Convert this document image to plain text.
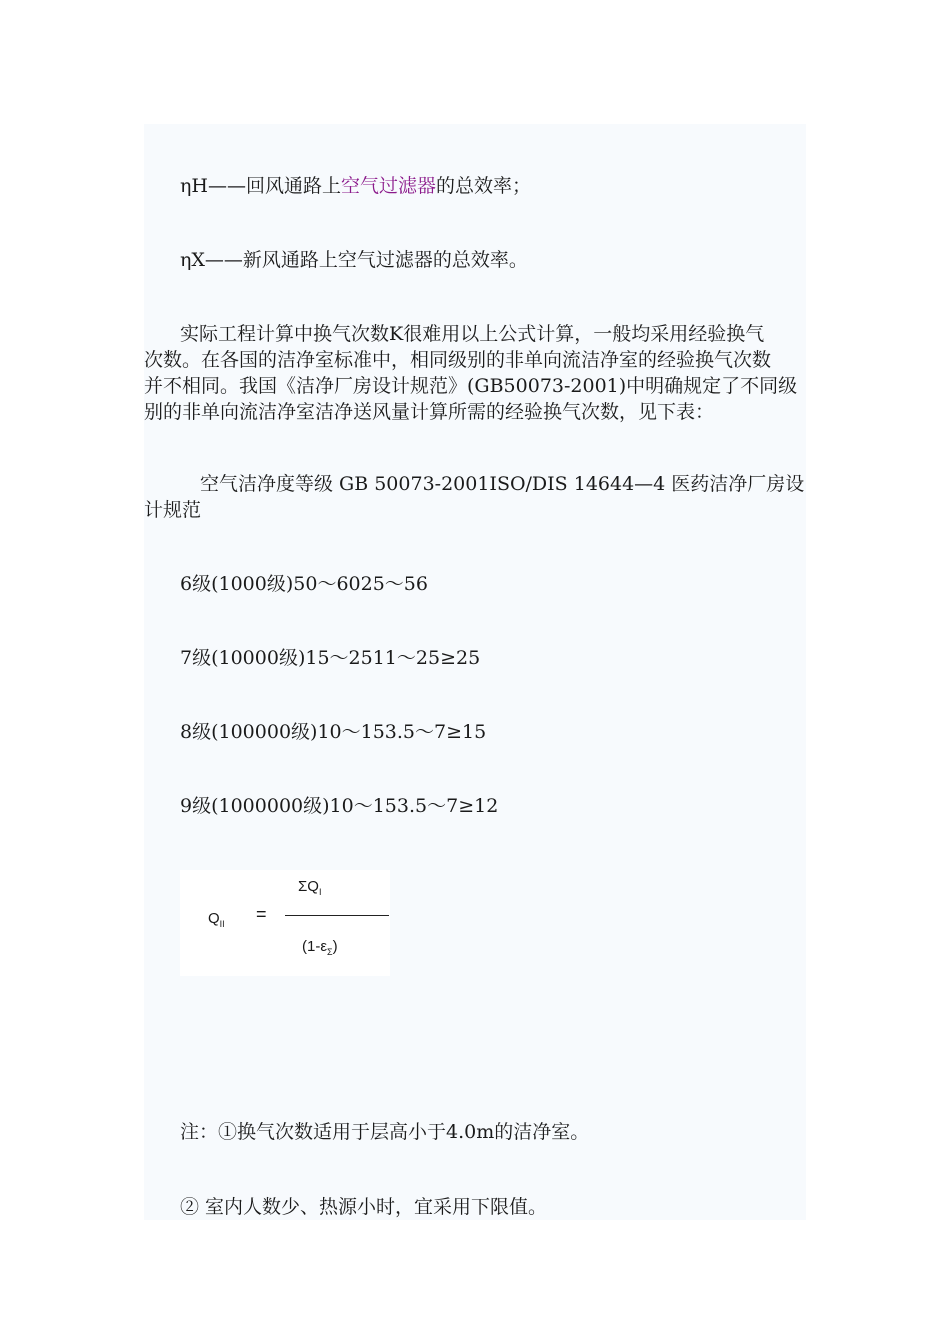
ηH——回风通路上空气过滤器的总效率；
ηX——新风通路上空气过滤器的总效率。
实际工程计算中换气次数K很难用以上公式计算，一般均采用经验换气
次数。在各国的洁净室标准中，相同级别的非单向流洁净室的经验换气次数
并不相同。我国《洁净厂房设计规范》(GB50073-2001)中明确规定了不同级
别的非单向流洁净室洁净送风量计算所需的经验换气次数，见下表：
空气洁净度等级 GB 50073-2001ISO/DIS 14644—4 医药洁净厂房设
计规范
6级(1000级)50～6025～56
7级(10000级)15～2511～25≥25
8级(100000级)10～153.5～7≥15
9级(1000000级)10～153.5～7≥12
$Q_{II}$ =
$\Sigma Q_I$
$(1-\varepsilon_\Sigma)$
注：①换气次数适用于层高小于4.0m的洁净室。
② 室内人数少、热源小时，宜采用下限值。
